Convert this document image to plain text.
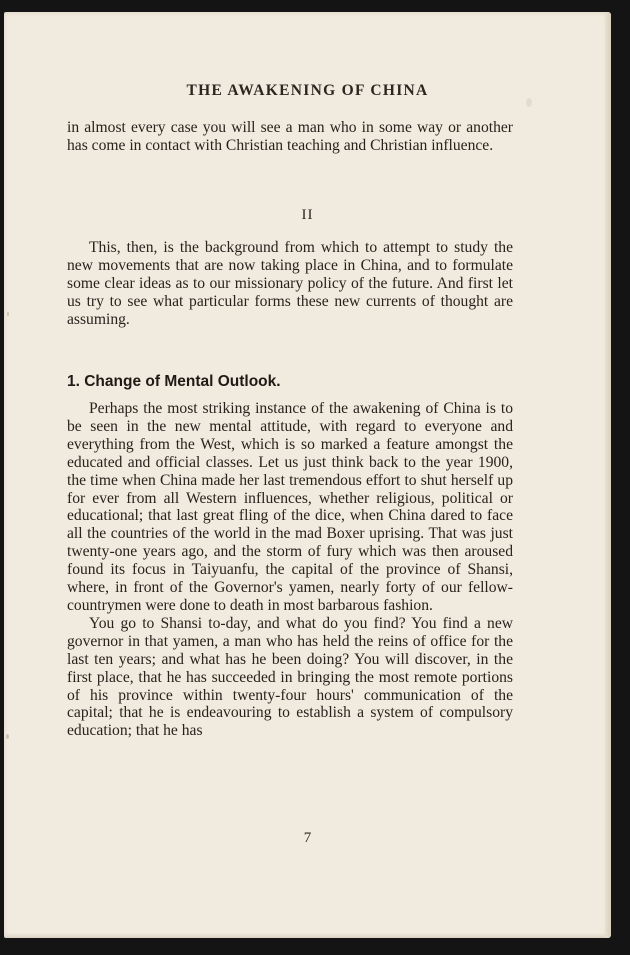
THE AWAKENING OF CHINA

in almost every case you will see a man who in some way or another has come in contact with Christian teaching and Christian influence.

II

This, then, is the background from which to attempt to study the new movements that are now taking place in China, and to formulate some clear ideas as to our missionary policy of the future. And first let us try to see what particular forms these new currents of thought are assuming.

1. Change of Mental Outlook.

Perhaps the most striking instance of the awakening of China is to be seen in the new mental attitude, with regard to everyone and everything from the West, which is so marked a feature amongst the educated and official classes. Let us just think back to the year 1900, the time when China made her last tremendous effort to shut herself up for ever from all Western influences, whether religious, political or educational; that last great fling of the dice, when China dared to face all the countries of the world in the mad Boxer uprising. That was just twenty-one years ago, and the storm of fury which was then aroused found its focus in Taiyuanfu, the capital of the province of Shansi, where, in front of the Governor's yamen, nearly forty of our fellow-countrymen were done to death in most barbarous fashion.

You go to Shansi to-day, and what do you find? You find a new governor in that yamen, a man who has held the reins of office for the last ten years; and what has he been doing? You will discover, in the first place, that he has succeeded in bringing the most remote portions of his province within twenty-four hours' communication of the capital; that he is endeavouring to establish a system of compulsory education; that he has

7
